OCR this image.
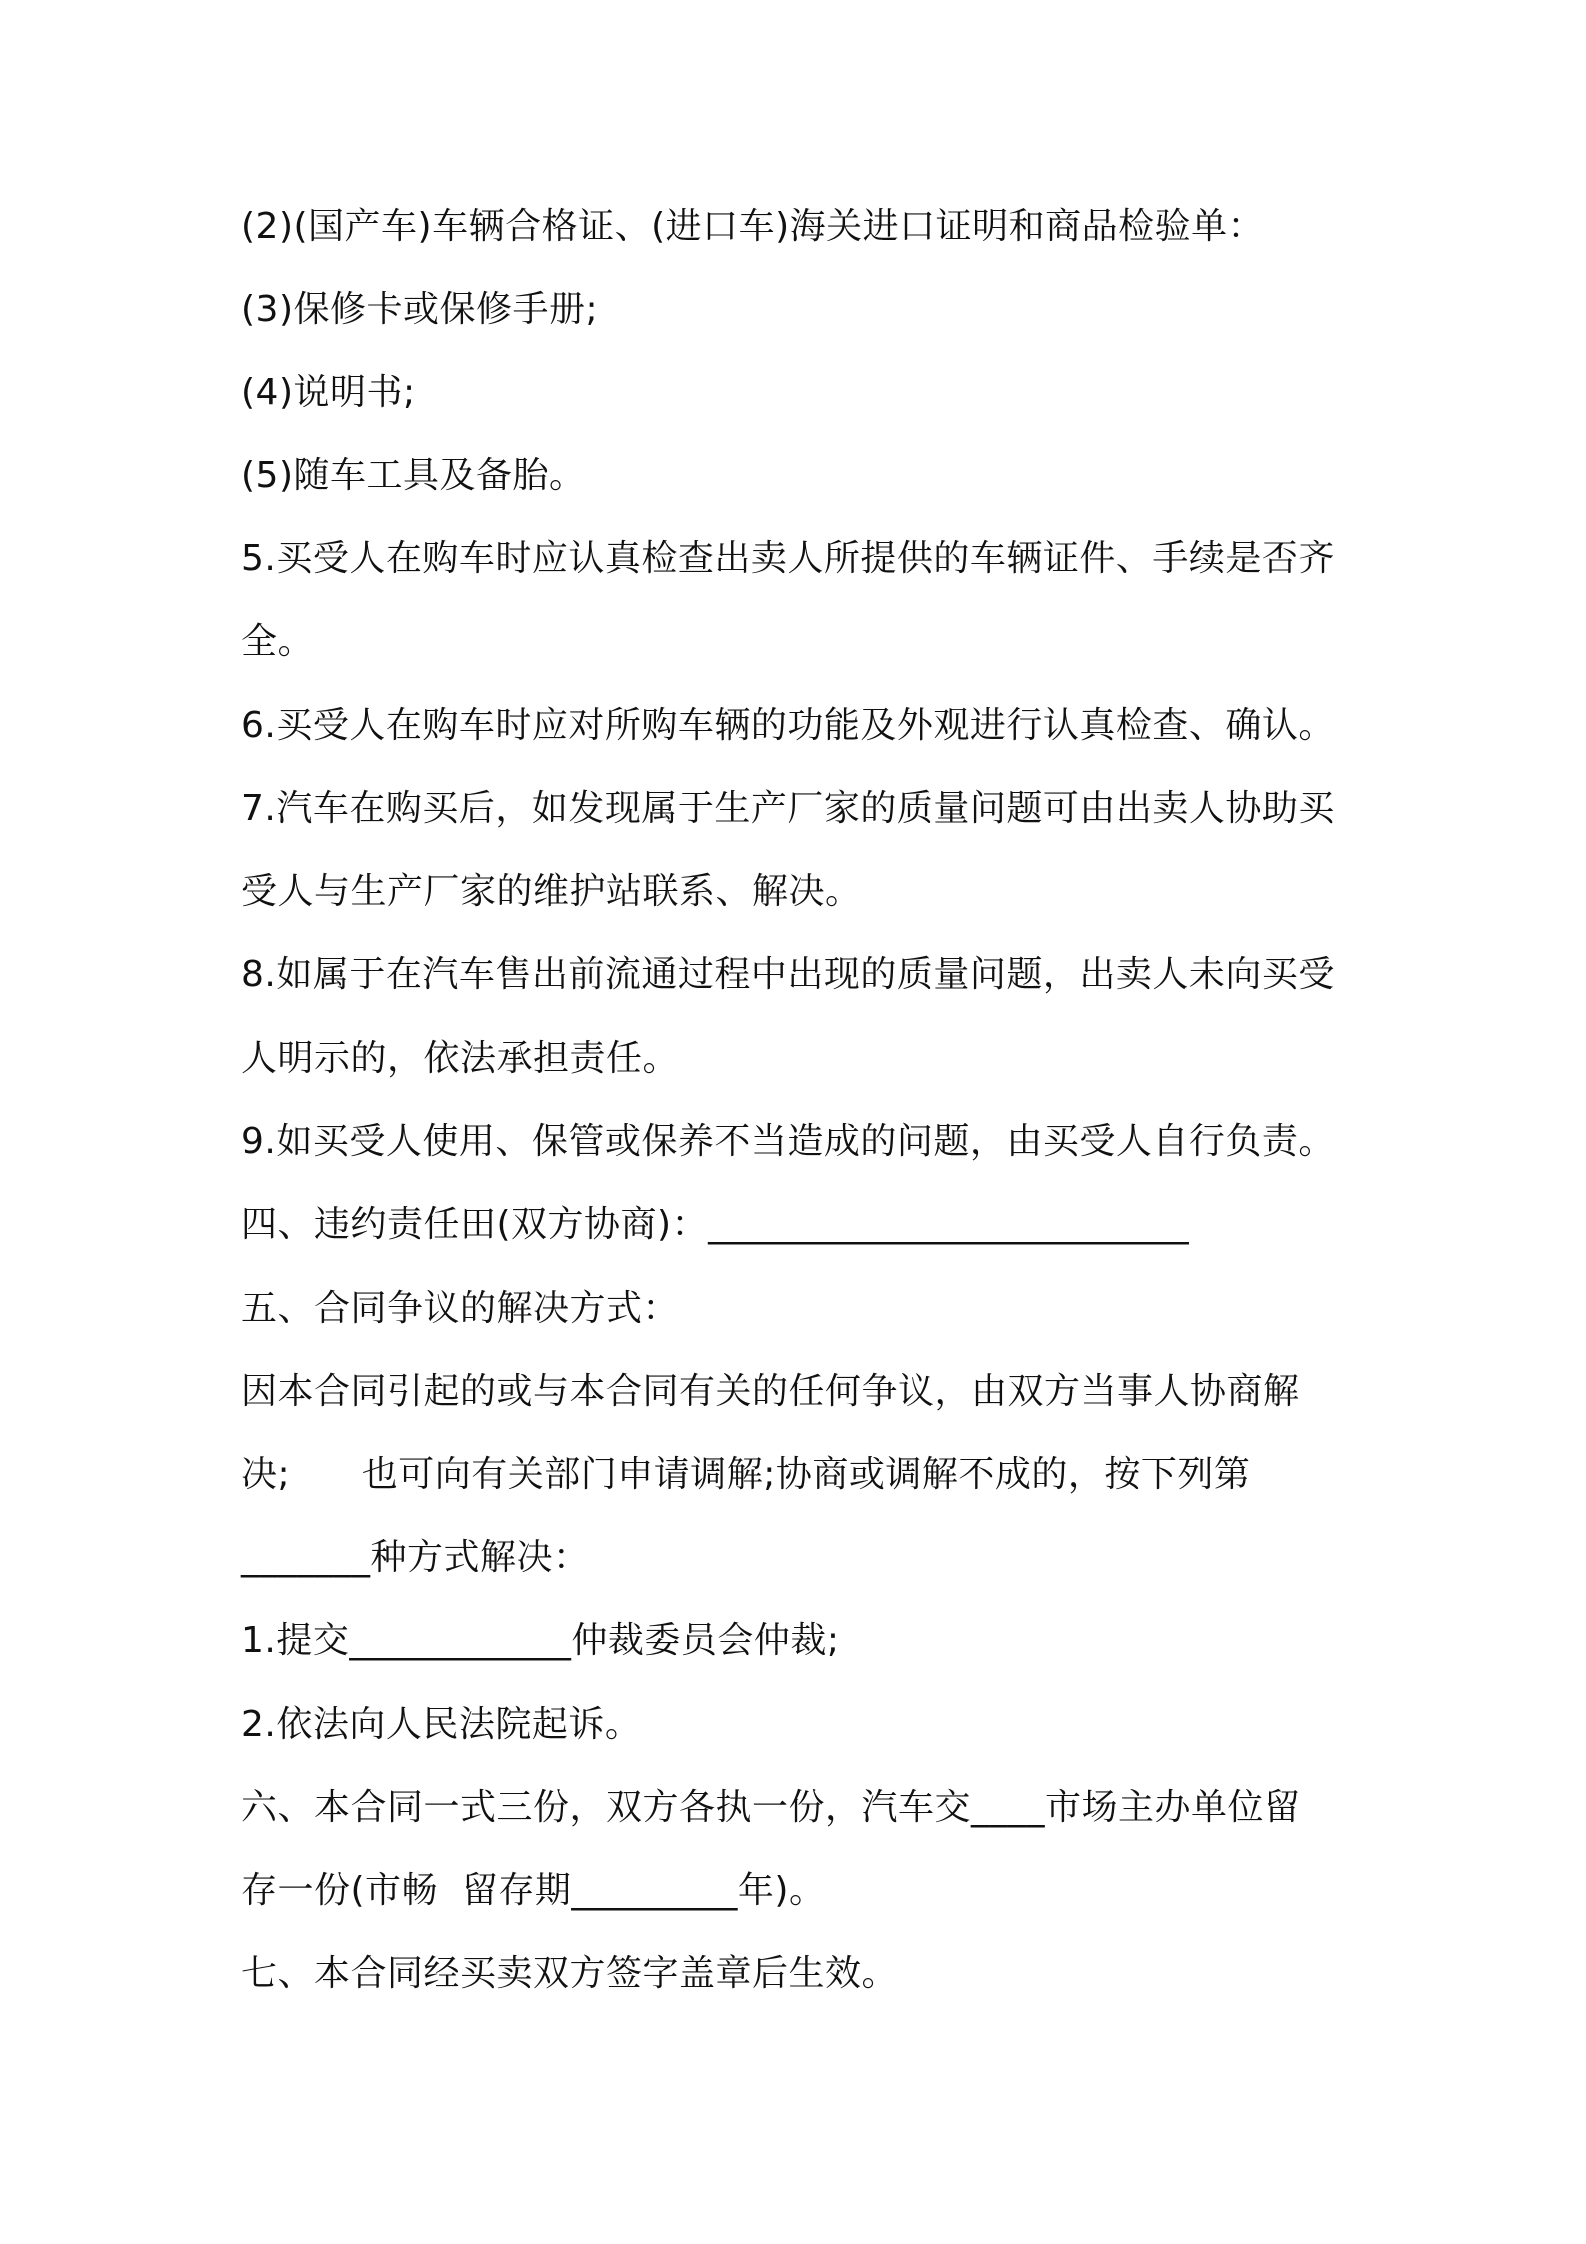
(2)(国产车)车辆合格证、(进口车)海关进口证明和商品检验单：
(3)保修卡或保修手册;
(4)说明书;
(5)随车工具及备胎。
5.买受人在购车时应认真检查出卖人所提供的车辆证件、手续是否齐
全。
6.买受人在购车时应对所购车辆的功能及外观进行认真检查、确认。
7.汽车在购买后，如发现属于生产厂家的质量问题可由出卖人协助买
受人与生产厂家的维护站联系、解决。
8.如属于在汽车售出前流通过程中出现的质量问题，出卖人未向买受
人明示的，依法承担责任。
9.如买受人使用、保管或保养不当造成的问题，由买受人自行负责。
四、违约责任田(双方协商)：__________________________
五、合同争议的解决方式：
因本合同引起的或与本合同有关的任何争议，由双方当事人协商解
决;      也可向有关部门申请调解;协商或调解不成的，按下列第
_______种方式解决：
1.提交____________仲裁委员会仲裁;
2.依法向人民法院起诉。
六、本合同一式三份，双方各执一份，汽车交____市场主办单位留
存一份(市畅  留存期_________年)。
七、本合同经买卖双方签字盖章后生效。
